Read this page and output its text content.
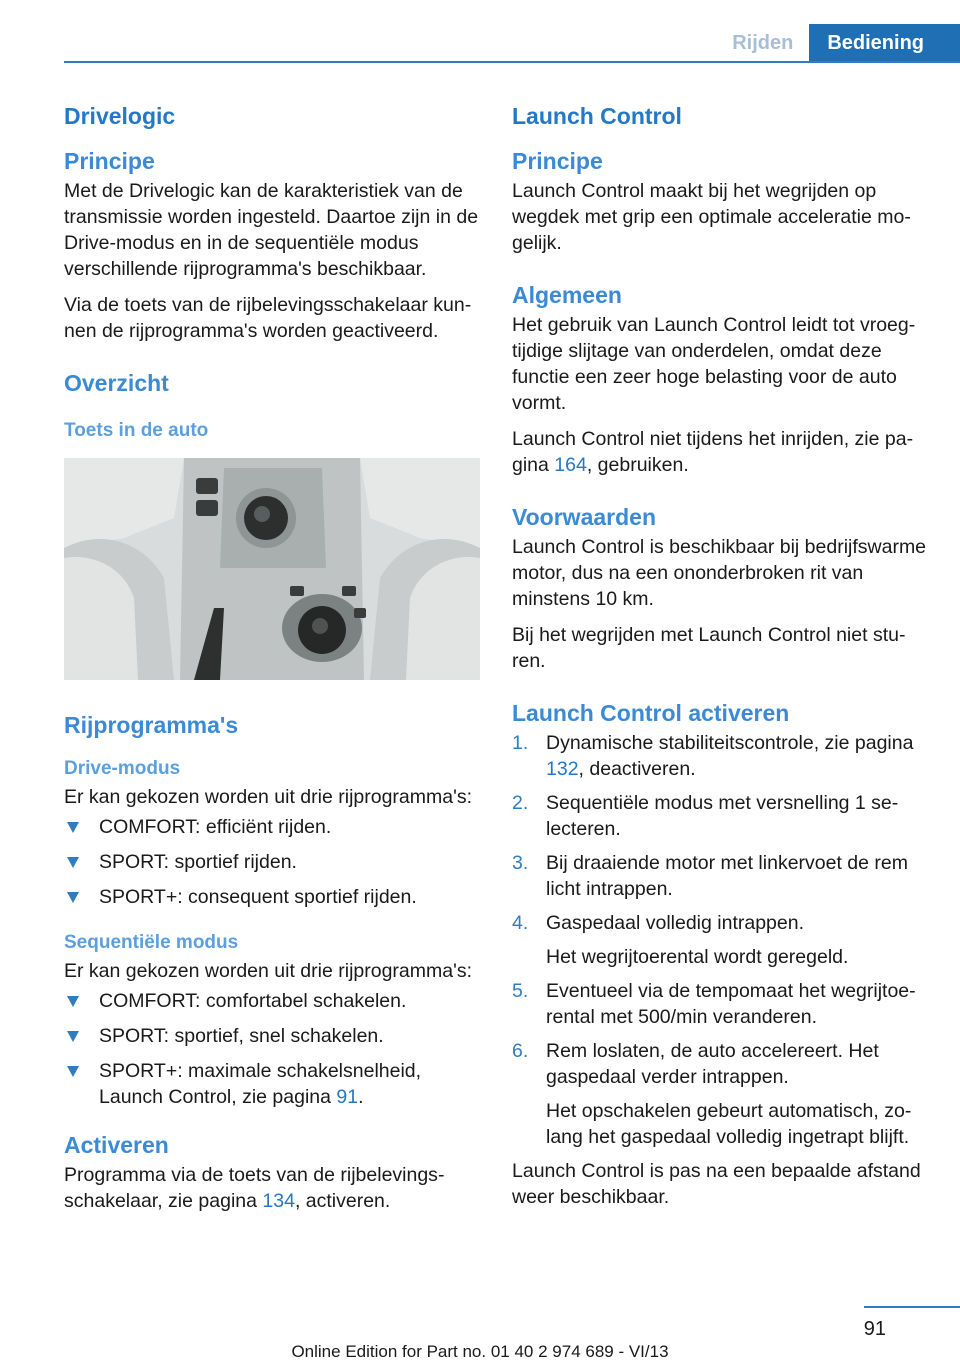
Rijden	Bediening
Drivelogic
Principe

Met de Drivelogic kan de karakteristiek van de transmissie worden ingesteld. Daartoe zijn in de Drive-modus en in de sequentiële modus verschillende rijprogramma's beschikbaar.

Via de toets van de rijbelevingsschakelaar kunnen de rijprogramma's worden geactiveerd.

Overzicht
Toets in de auto
Rijprogramma's
Drive-modus

Er kan gekozen worden uit drie rijprogramma's:

COMFORT: efficiënt rijden.
SPORT: sportief rijden.
SPORT+: consequent sportief rijden.
Sequentiële modus

Er kan gekozen worden uit drie rijprogramma's:

COMFORT: comfortabel schakelen.
SPORT: sportief, snel schakelen.
SPORT+: maximale schakelsnelheid, Launch Control, zie pagina 91.
Activeren

Programma via de toets van de rijbelevingsschakelaar, zie pagina 134, activeren.

Launch Control
Principe

Launch Control maakt bij het wegrijden op wegdek met grip een optimale acceleratie mogelijk.

Algemeen

Het gebruik van Launch Control leidt tot vroegtijdige slijtage van onderdelen, omdat deze functie een zeer hoge belasting voor de auto vormt.

Launch Control niet tijdens het inrijden, zie pagina 164, gebruiken.

Voorwaarden

Launch Control is beschikbaar bij bedrijfswarme motor, dus na een ononderbroken rit van minstens 10 km.

Bij het wegrijden met Launch Control niet sturen.

Launch Control activeren
1. Dynamische stabiliteitscontrole, zie pagina 132, deactiveren.
2. Sequentiële modus met versnelling 1 selecteren.
3. Bij draaiende motor met linkervoet de rem licht intrappen.
4. Gaspedaal volledig intrappen.
Het wegrijtoerental wordt geregeld.
5. Eventueel via de tempomaat het wegrijtoerental met 500/min veranderen.
6. Rem loslaten, de auto accelereert. Het gaspedaal verder intrappen.
Het opschakelen gebeurt automatisch, zolang het gaspedaal volledig ingetrapt blijft.

Launch Control is pas na een bepaalde afstand weer beschikbaar.

91
Online Edition for Part no. 01 40 2 974 689 - VI/13
